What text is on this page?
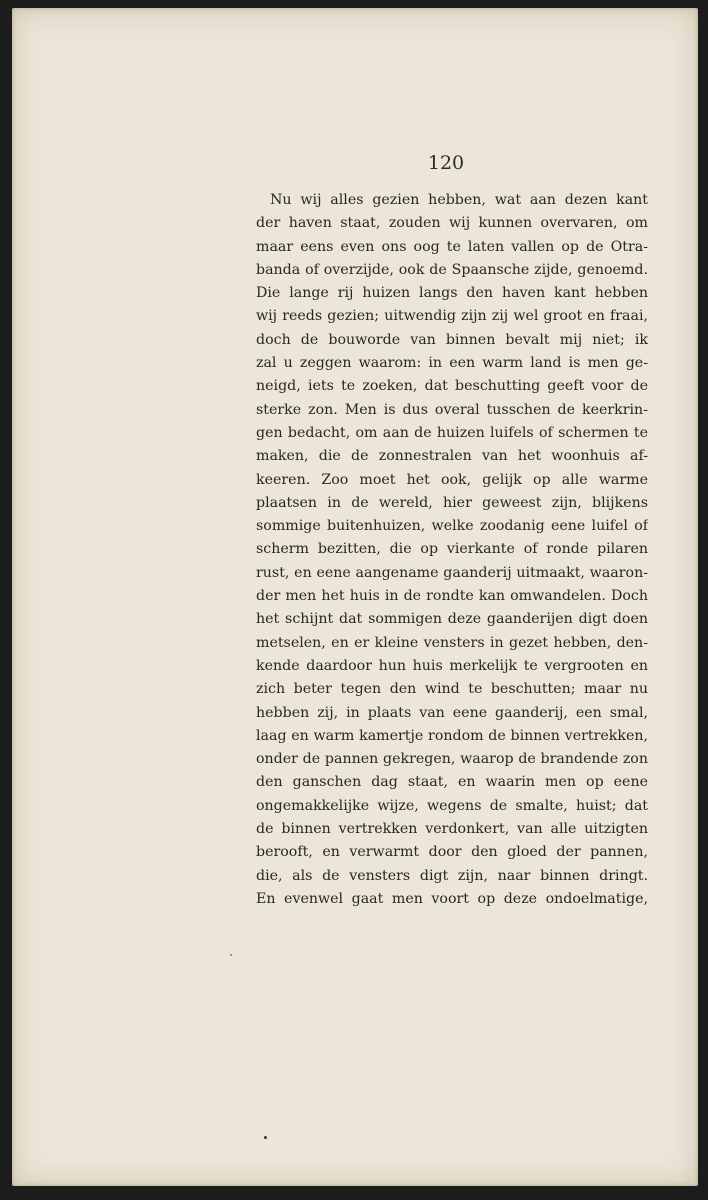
120
Nu wij alles gezien hebben, wat aan dezen kant
der haven staat, zouden wij kunnen overvaren, om
maar eens even ons oog te laten vallen op de Otra-
banda of overzijde, ook de Spaansche zijde, genoemd.
Die lange rij huizen langs den haven kant hebben
wij reeds gezien; uitwendig zijn zij wel groot en fraai,
doch de bouworde van binnen bevalt mij niet; ik
zal u zeggen waarom: in een warm land is men ge-
neigd, iets te zoeken, dat beschutting geeft voor de
sterke zon. Men is dus overal tusschen de keerkrin-
gen bedacht, om aan de huizen luifels of schermen te
maken, die de zonnestralen van het woonhuis af-
keeren. Zoo moet het ook, gelijk op alle warme
plaatsen in de wereld, hier geweest zijn, blijkens
sommige buitenhuizen, welke zoodanig eene luifel of
scherm bezitten, die op vierkante of ronde pilaren
rust, en eene aangename gaanderij uitmaakt, waaron-
der men het huis in de rondte kan omwandelen. Doch
het schijnt dat sommigen deze gaanderijen digt doen
metselen, en er kleine vensters in gezet hebben, den-
kende daardoor hun huis merkelijk te vergrooten en
zich beter tegen den wind te beschutten; maar nu
hebben zij, in plaats van eene gaanderij, een smal,
laag en warm kamertje rondom de binnen vertrekken,
onder de pannen gekregen, waarop de brandende zon
den ganschen dag staat, en waarin men op eene
ongemakkelijke wijze, wegens de smalte, huist; dat
de binnen vertrekken verdonkert, van alle uitzigten
berooft, en verwarmt door den gloed der pannen,
die, als de vensters digt zijn, naar binnen dringt.
En evenwel gaat men voort op deze ondoelmatige,
